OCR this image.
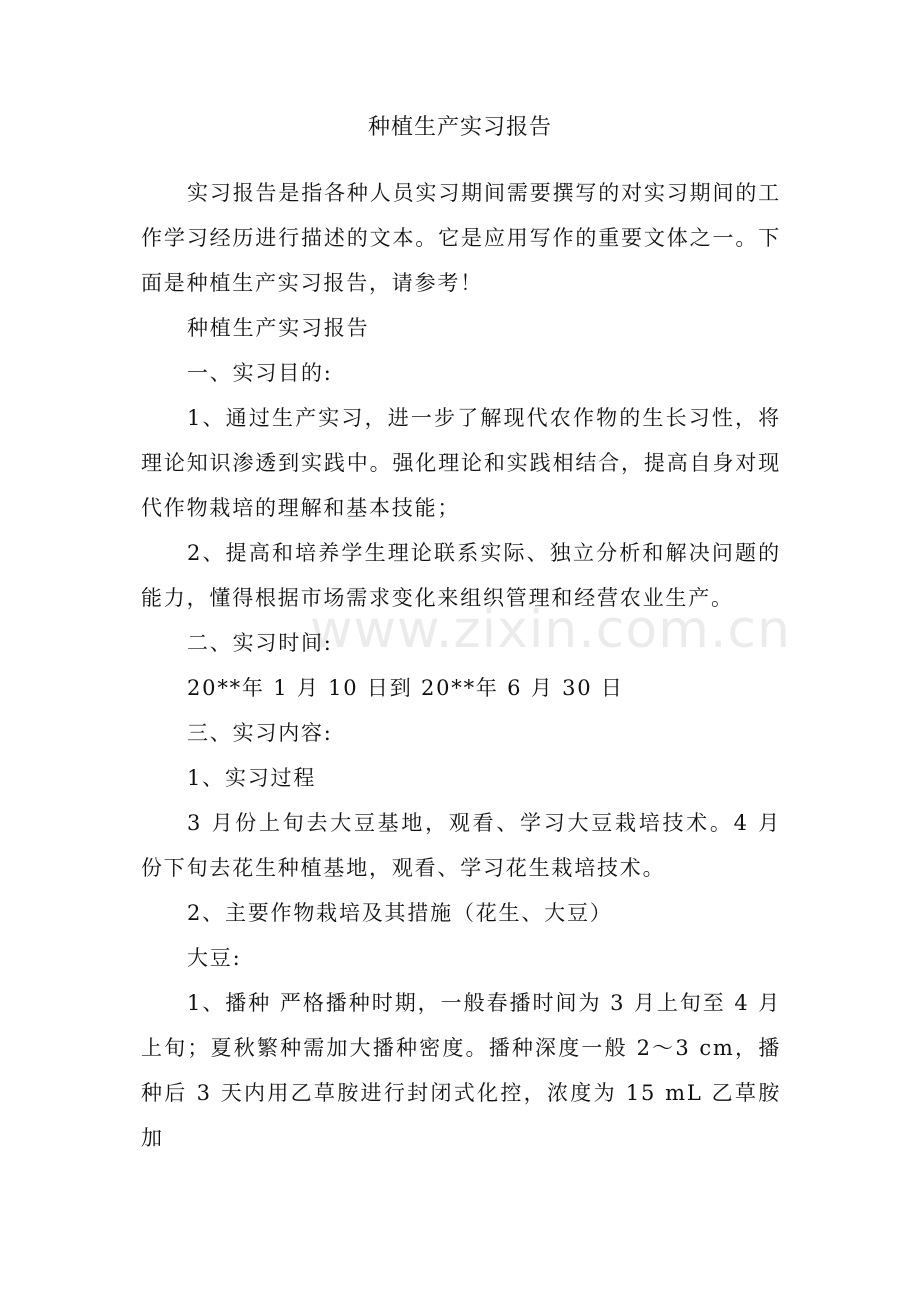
种植生产实习报告

实习报告是指各种人员实习期间需要撰写的对实习期间的工作学习经历进行描述的文本。它是应用写作的重要文体之一。下面是种植生产实习报告，请参考！

种植生产实习报告

一、实习目的:

1、通过生产实习，进一步了解现代农作物的生长习性，将理论知识渗透到实践中。强化理论和实践相结合，提高自身对现代作物栽培的理解和基本技能；

2、提高和培养学生理论联系实际、独立分析和解决问题的能力，懂得根据市场需求变化来组织管理和经营农业生产。

二、实习时间:

20**年 1 月 10 日到 20**年 6 月 30 日

三、实习内容:

1、实习过程

3 月份上旬去大豆基地，观看、学习大豆栽培技术。4 月份下旬去花生种植基地，观看、学习花生栽培技术。

2、主要作物栽培及其措施（花生、大豆）

大豆:

1、播种 严格播种时期，一般春播时间为 3 月上旬至 4 月上旬；夏秋繁种需加大播种密度。播种深度一般 2～3 cm，播种后 3 天内用乙草胺进行封闭式化控，浓度为 15 mL 乙草胺加

www.zixin.com.cn
